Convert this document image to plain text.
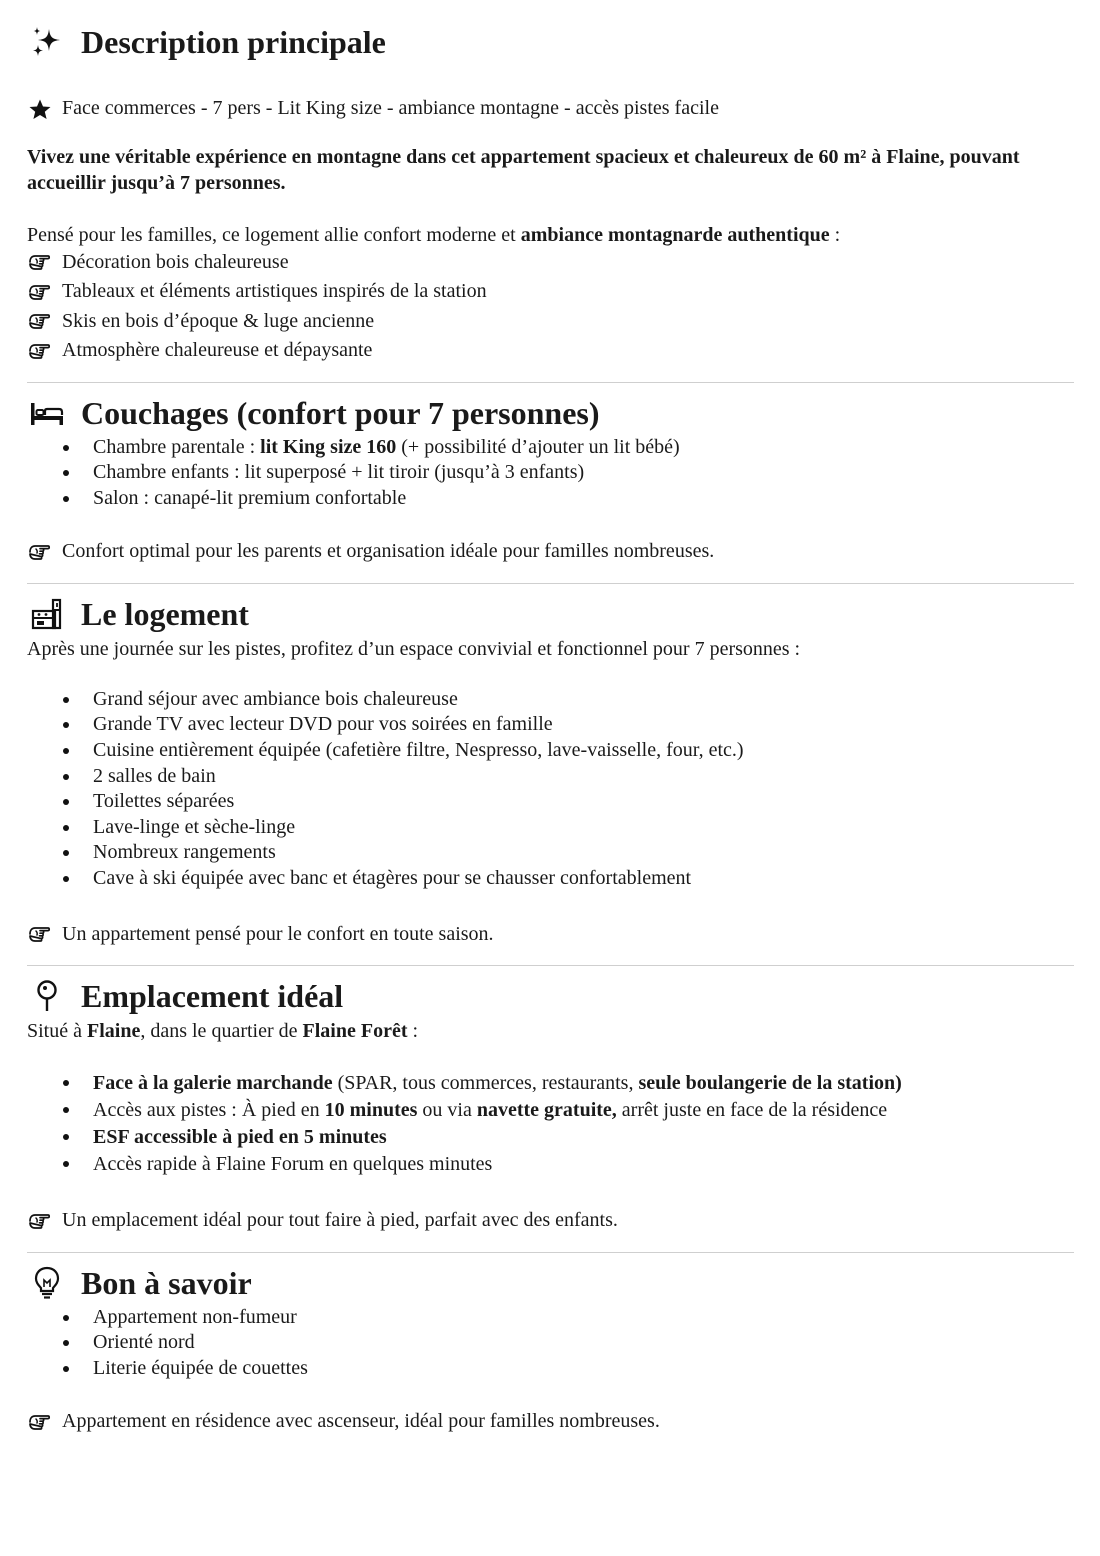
Description principale
Face commerces - 7 pers - Lit King size - ambiance montagne - accès pistes facile

Vivez une véritable expérience en montagne dans cet appartement spacieux et chaleureux de 60 m² à Flaine, pouvant accueillir jusqu’à 7 personnes.

Pensé pour les familles, ce logement allie confort moderne et ambiance montagnarde authentique :

Décoration bois chaleureuse
Tableaux et éléments artistiques inspirés de la station
Skis en bois d’époque & luge ancienne
Atmosphère chaleureuse et dépaysante
Couchages (confort pour 7 personnes)
Chambre parentale : lit King size 160 (+ possibilité d’ajouter un lit bébé)
Chambre enfants : lit superposé + lit tiroir (jusqu’à 3 enfants)
Salon : canapé-lit premium confortable
Confort optimal pour les parents et organisation idéale pour familles nombreuses.
Le logement

Après une journée sur les pistes, profitez d’un espace convivial et fonctionnel pour 7 personnes :

Grand séjour avec ambiance bois chaleureuse
Grande TV avec lecteur DVD pour vos soirées en famille
Cuisine entièrement équipée (cafetière filtre, Nespresso, lave-vaisselle, four, etc.)
2 salles de bain
Toilettes séparées
Lave-linge et sèche-linge
Nombreux rangements
Cave à ski équipée avec banc et étagères pour se chausser confortablement
Un appartement pensé pour le confort en toute saison.
Emplacement idéal

Situé à Flaine, dans le quartier de Flaine Forêt :

Face à la galerie marchande (SPAR, tous commerces, restaurants, seule boulangerie de la station)
Accès aux pistes : À pied en 10 minutes ou via navette gratuite, arrêt juste en face de la résidence
ESF accessible à pied en 5 minutes
Accès rapide à Flaine Forum en quelques minutes
Un emplacement idéal pour tout faire à pied, parfait avec des enfants.
Bon à savoir
Appartement non-fumeur
Orienté nord
Literie équipée de couettes
Appartement en résidence avec ascenseur, idéal pour familles nombreuses.
